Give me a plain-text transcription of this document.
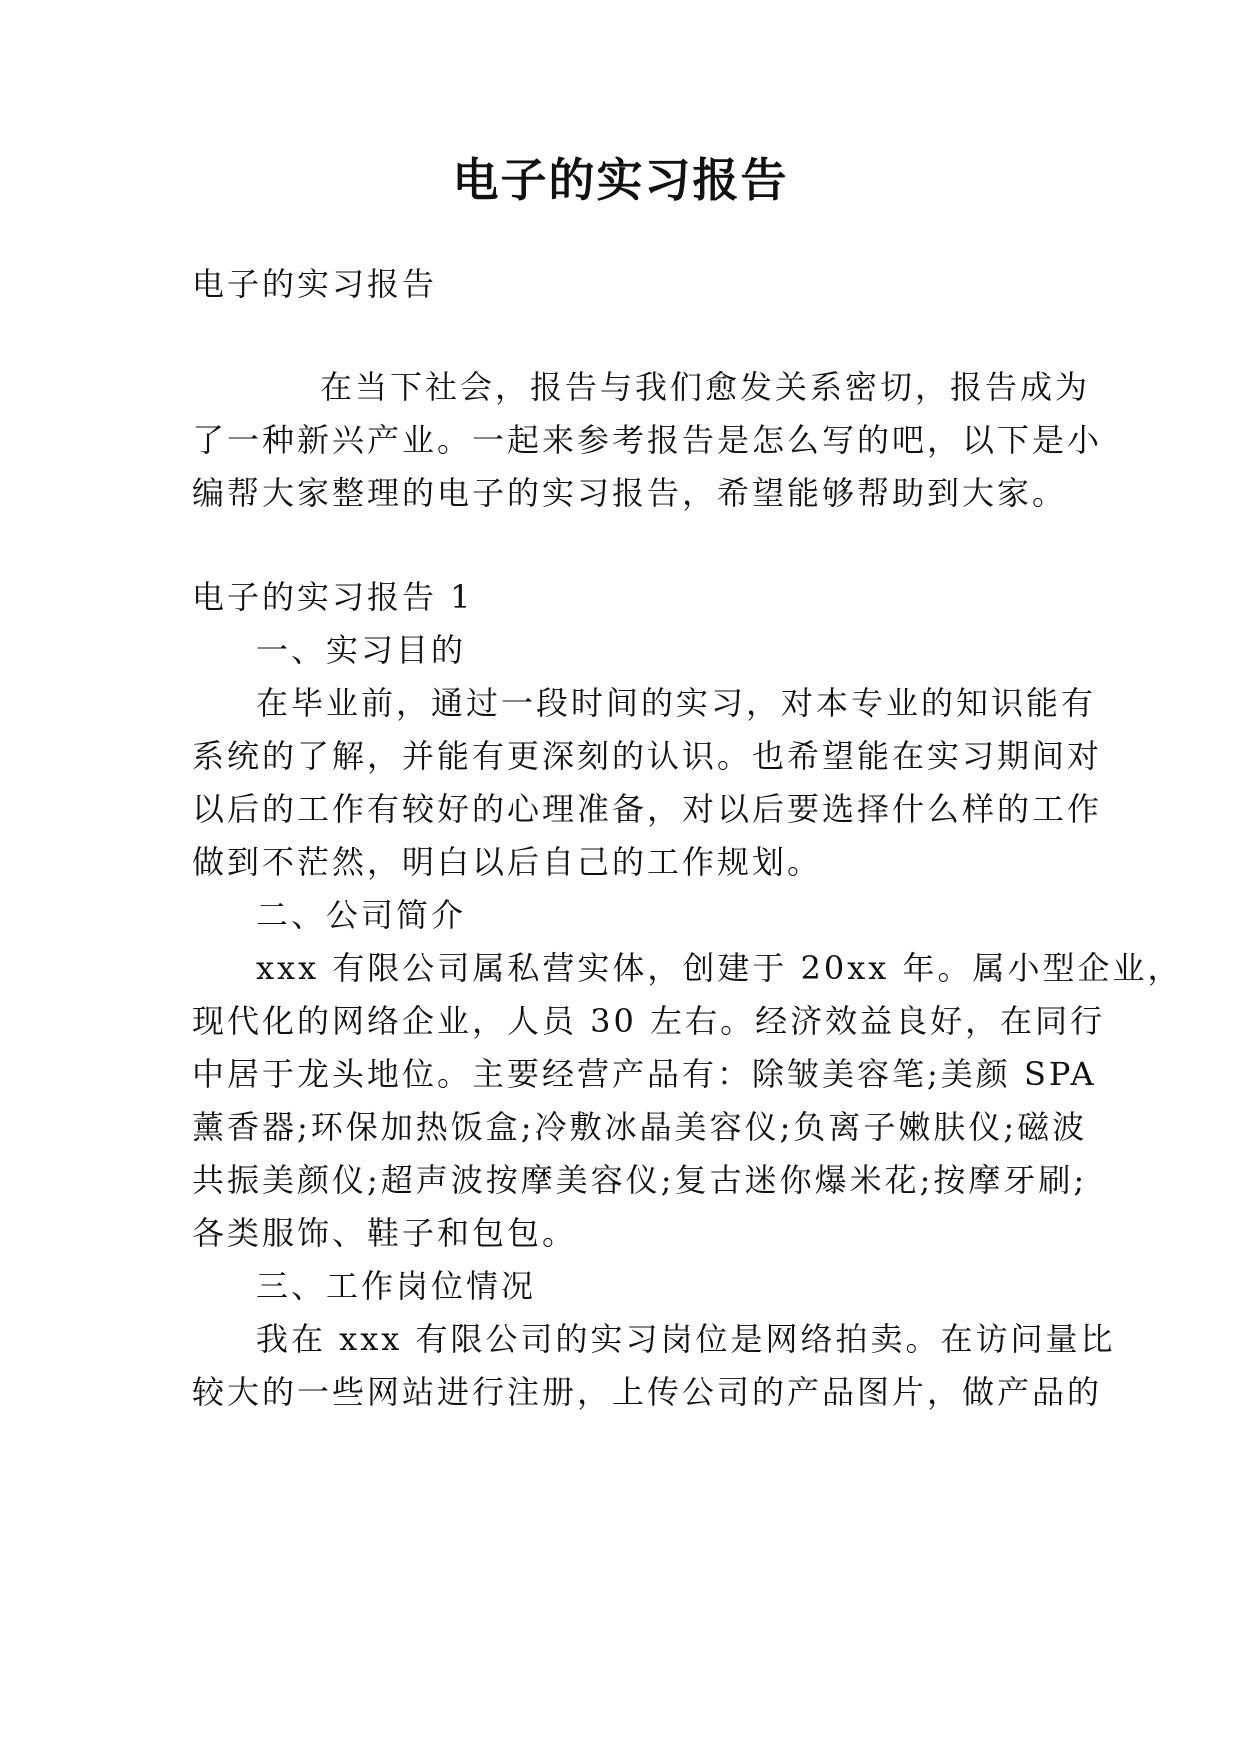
电子的实习报告
电子的实习报告
在当下社会，报告与我们愈发关系密切，报告成为
了一种新兴产业。一起来参考报告是怎么写的吧，以下是小
编帮大家整理的电子的实习报告，希望能够帮助到大家。
电子的实习报告 1
一、实习目的
在毕业前，通过一段时间的实习，对本专业的知识能有
系统的了解，并能有更深刻的认识。也希望能在实习期间对
以后的工作有较好的心理准备，对以后要选择什么样的工作
做到不茫然，明白以后自己的工作规划。
二、公司简介
xxx 有限公司属私营实体，创建于 20xx 年。属小型企业，
现代化的网络企业，人员 30 左右。经济效益良好，在同行
中居于龙头地位。主要经营产品有：除皱美容笔;美颜 SPA
薰香器;环保加热饭盒;冷敷冰晶美容仪;负离子嫩肤仪;磁波
共振美颜仪;超声波按摩美容仪;复古迷你爆米花;按摩牙刷;
各类服饰、鞋子和包包。
三、工作岗位情况
我在 xxx 有限公司的实习岗位是网络拍卖。在访问量比
较大的一些网站进行注册，上传公司的产品图片，做产品的
